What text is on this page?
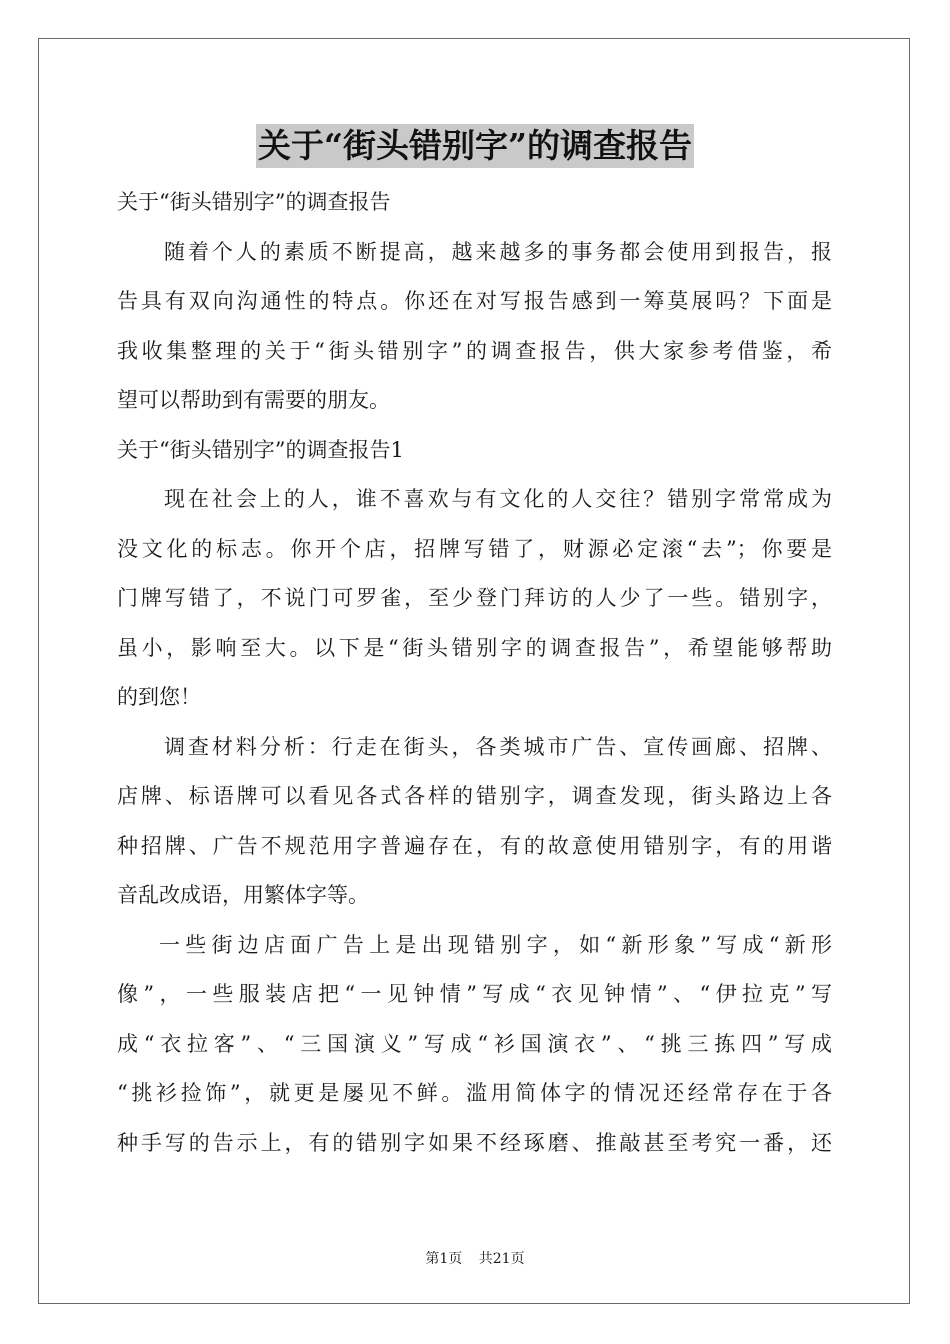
关于“街头错别字”的调查报告
关于“街头错别字”的调查报告
随着个人的素质不断提高，越来越多的事务都会使用到报告，报
告具有双向沟通性的特点。你还在对写报告感到一筹莫展吗？下面是
我收集整理的关于“街头错别字”的调查报告，供大家参考借鉴，希
望可以帮助到有需要的朋友。
关于“街头错别字”的调查报告1
现在社会上的人，谁不喜欢与有文化的人交往？错别字常常成为
没文化的标志。你开个店，招牌写错了，财源必定滚“去”；你要是
门牌写错了，不说门可罗雀，至少登门拜访的人少了一些。错别字，
虽小，影响至大。以下是“街头错别字的调查报告”，希望能够帮助
的到您！
调查材料分析：行走在街头，各类城市广告、宣传画廊、招牌、
店牌、标语牌可以看见各式各样的错别字，调查发现，街头路边上各
种招牌、广告不规范用字普遍存在，有的故意使用错别字，有的用谐
音乱改成语，用繁体字等。
一些街边店面广告上是出现错别字，如“新形象”写成“新形
像”，一些服装店把“一见钟情”写成“衣见钟情”、“伊拉克”写
成“衣拉客”、“三国演义”写成“衫国演衣”、“挑三拣四”写成
“挑衫捡饰”，就更是屡见不鲜。滥用简体字的情况还经常存在于各
种手写的告示上，有的错别字如果不经琢磨、推敲甚至考究一番，还
第1页 共21页
